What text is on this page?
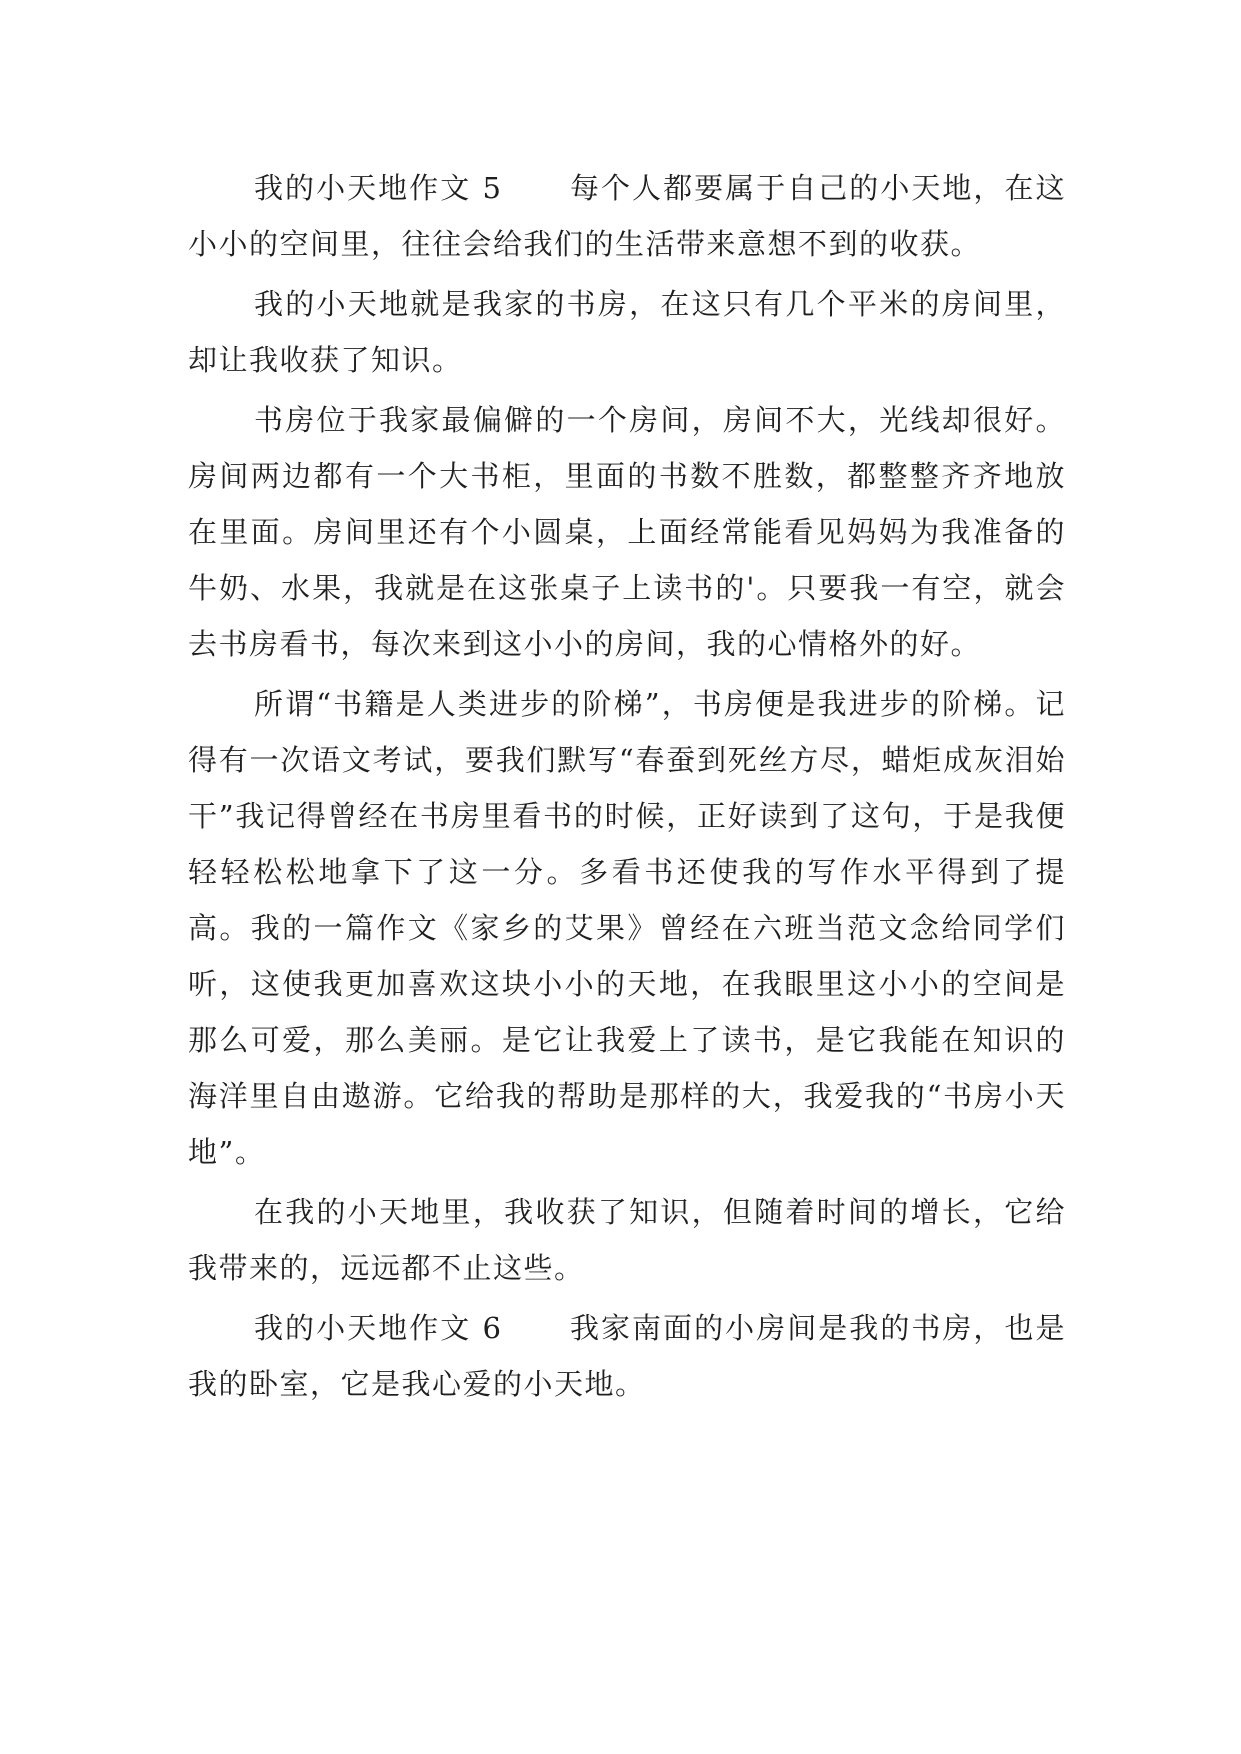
我的小天地作文 5 每个人都要属于自己的小天地，在这小小的空间里，往往会给我们的生活带来意想不到的收获。

我的小天地就是我家的书房，在这只有几个平米的房间里，却让我收获了知识。

书房位于我家最偏僻的一个房间，房间不大，光线却很好。房间两边都有一个大书柜，里面的书数不胜数，都整整齐齐地放在里面。房间里还有个小圆桌，上面经常能看见妈妈为我准备的牛奶、水果，我就是在这张桌子上读书的'。只要我一有空，就会去书房看书，每次来到这小小的房间，我的心情格外的好。

所谓“书籍是人类进步的阶梯”，书房便是我进步的阶梯。记得有一次语文考试，要我们默写“春蚕到死丝方尽，蜡炬成灰泪始干”我记得曾经在书房里看书的时候，正好读到了这句，于是我便轻轻松松地拿下了这一分。多看书还使我的写作水平得到了提高。我的一篇作文《家乡的艾果》曾经在六班当范文念给同学们听，这使我更加喜欢这块小小的天地，在我眼里这小小的空间是那么可爱，那么美丽。是它让我爱上了读书，是它我能在知识的海洋里自由遨游。它给我的帮助是那样的大，我爱我的“书房小天地”。

在我的小天地里，我收获了知识，但随着时间的增长，它给我带来的，远远都不止这些。

我的小天地作文 6 我家南面的小房间是我的书房，也是我的卧室，它是我心爱的小天地。
